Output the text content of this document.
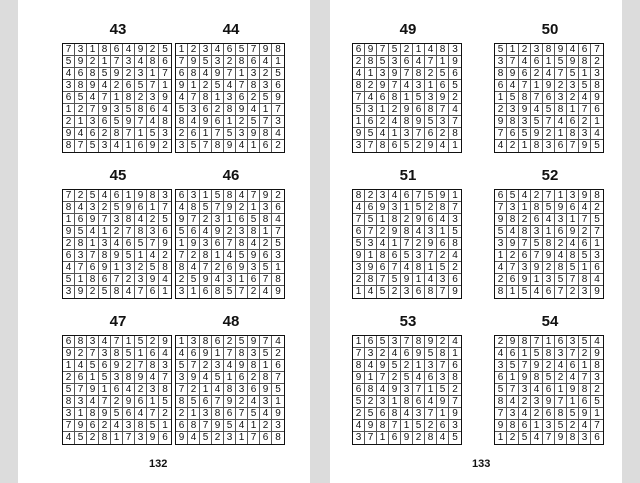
43
7 3 1 8 6 4 9 2 5
5 9 2 1 7 3 4 8 6
4 6 8 5 9 2 3 1 7
3 8 9 4 2 6 5 7 1
6 5 4 7 1 8 2 3 9
1 2 7 9 3 5 8 6 4
2 1 3 6 5 9 7 4 8
9 4 6 2 8 7 1 5 3
8 7 5 3 4 1 6 9 2
44
1 2 3 4 6 5 7 9 8
7 9 5 3 2 8 6 4 1
6 8 4 9 7 1 3 2 5
9 1 2 5 4 7 8 3 6
4 7 8 1 3 6 2 5 9
5 3 6 2 8 9 4 1 7
8 4 9 6 1 2 5 7 3
2 6 1 7 5 3 9 8 4
3 5 7 8 9 4 1 6 2
45
7 2 5 4 6 1 9 8 3
8 4 3 2 5 9 6 1 7
1 6 9 7 3 8 4 2 5
9 5 4 1 2 7 8 3 6
2 8 1 3 4 6 5 7 9
6 3 7 8 9 5 1 4 2
4 7 6 9 1 3 2 5 8
5 1 8 6 7 2 3 9 4
3 9 2 5 8 4 7 6 1
46
6 3 1 5 8 4 7 9 2
4 8 5 7 9 2 1 3 6
9 7 2 3 1 6 5 8 4
5 6 4 9 2 3 8 1 7
1 9 3 6 7 8 4 2 5
7 2 8 1 4 5 9 6 3
8 4 7 2 6 9 3 5 1
2 5 9 4 3 1 6 7 8
3 1 6 8 5 7 2 4 9
47
6 8 3 4 7 1 5 2 9
9 2 7 3 8 5 1 6 4
1 4 5 6 9 2 7 8 3
2 6 1 5 3 8 9 4 7
5 7 9 1 6 4 2 3 8
8 3 4 7 2 9 6 1 5
3 1 8 9 5 6 4 7 2
7 9 6 2 4 3 8 5 1
4 5 2 8 1 7 3 9 6
48
1 3 8 6 2 5 9 7 4
4 6 9 1 7 8 3 5 2
5 7 2 3 4 9 8 1 6
3 9 4 5 1 6 2 8 7
7 2 1 4 8 3 6 9 5
8 5 6 7 9 2 4 3 1
2 1 3 8 6 7 5 4 9
6 8 7 9 5 4 1 2 3
9 4 5 2 3 1 7 6 8
132
49
6 9 7 5 2 1 4 8 3
2 8 5 3 6 4 7 1 9
4 1 3 9 7 8 2 5 6
8 2 9 7 4 3 1 6 5
7 4 6 8 1 5 3 9 2
5 3 1 2 9 6 8 7 4
1 6 2 4 8 9 5 3 7
9 5 4 1 3 7 6 2 8
3 7 8 6 5 2 9 4 1
50
5 1 2 3 8 9 4 6 7
3 7 4 6 1 5 9 8 2
8 9 6 2 4 7 5 1 3
6 4 7 1 9 2 3 5 8
1 5 8 7 6 3 2 4 9
2 3 9 4 5 8 1 7 6
9 8 3 5 7 4 6 2 1
7 6 5 9 2 1 8 3 4
4 2 1 8 3 6 7 9 5
51
8 2 3 4 6 7 5 9 1
4 6 9 3 1 5 2 8 7
7 5 1 8 2 9 6 4 3
6 7 2 9 8 4 3 1 5
5 3 4 1 7 2 9 6 8
9 1 8 6 5 3 7 2 4
3 9 6 7 4 8 1 5 2
2 8 7 5 9 1 4 3 6
1 4 5 2 3 6 8 7 9
52
6 5 4 2 7 1 3 9 8
7 3 1 8 5 9 6 4 2
9 8 2 6 4 3 1 7 5
5 4 8 3 1 6 9 2 7
3 9 7 5 8 2 4 6 1
1 2 6 7 9 4 8 5 3
4 7 3 9 2 8 5 1 6
2 6 9 1 3 5 7 8 4
8 1 5 4 6 7 2 3 9
53
1 6 5 3 7 8 9 2 4
7 3 2 4 6 9 5 8 1
8 4 9 5 2 1 3 7 6
9 1 7 2 5 4 6 3 8
6 8 4 9 3 7 1 5 2
5 2 3 1 8 6 4 9 7
2 5 6 8 4 3 7 1 9
4 9 8 7 1 5 2 6 3
3 7 1 6 9 2 8 4 5
54
2 9 8 7 1 6 3 5 4
4 6 1 5 8 3 7 2 9
3 5 7 9 2 4 6 1 8
6 1 9 8 5 2 4 7 3
5 7 3 4 6 1 9 8 2
8 4 2 3 9 7 1 6 5
7 3 4 2 6 8 5 9 1
9 8 6 1 3 5 2 4 7
1 2 5 4 7 9 8 3 6
133
